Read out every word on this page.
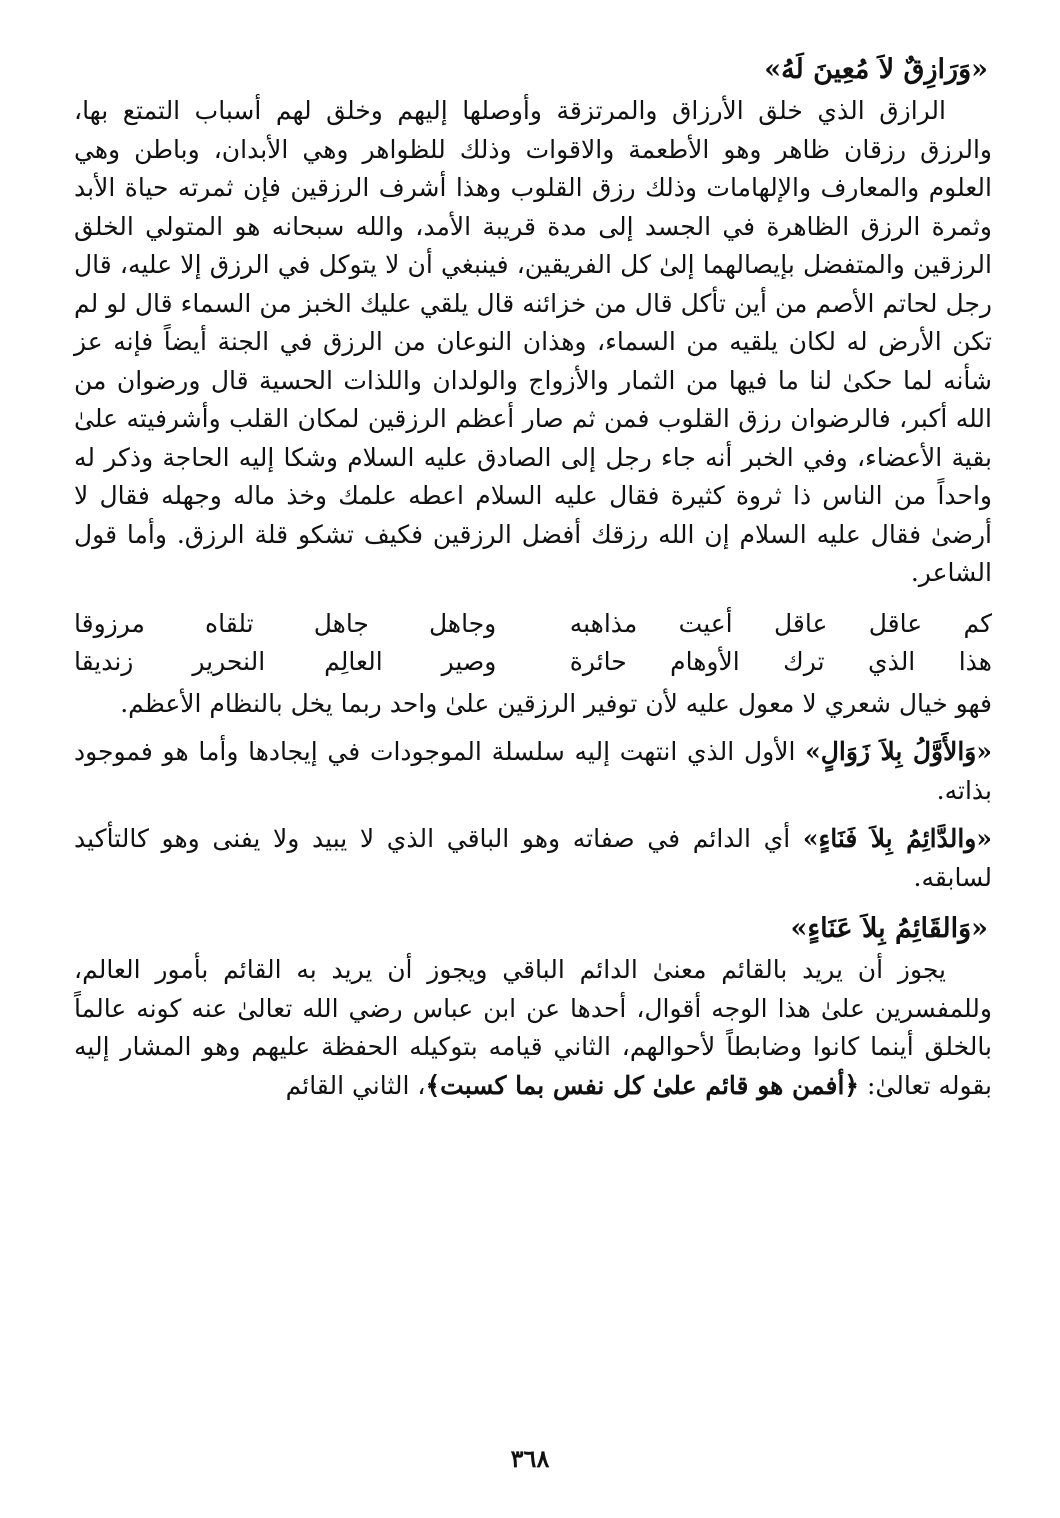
«وَرَازِقٌ لاَ مُعِينَ لَهُ»

الرازق الذي خلق الأرزاق والمرتزقة وأوصلها إليهم وخلق لهم أسباب التمتع بها، والرزق رزقان ظاهر وهو الأطعمة والاقوات وذلك للظواهر وهي الأبدان، وباطن وهي العلوم والمعارف والإلهامات وذلك رزق القلوب وهذا أشرف الرزقين فإن ثمرته حياة الأبد وثمرة الرزق الظاهرة في الجسد إلى مدة قريبة الأمد، والله سبحانه هو المتولي الخلق الرزقين والمتفضل بإيصالهما إلىٰ كل الفريقين، فينبغي أن لا يتوكل في الرزق إلا عليه، قال رجل لحاتم الأصم من أين تأكل قال من خزائنه قال يلقي عليك الخبز من السماء قال لو لم تكن الأرض له لكان يلقيه من السماء، وهذان النوعان من الرزق في الجنة أيضاً فإنه عز شأنه لما حكىٰ لنا ما فيها من الثمار والأزواج والولدان واللذات الحسية قال ورضوان من الله أكبر، فالرضوان رزق القلوب فمن ثم صار أعظم الرزقين لمكان القلب وأشرفيته علىٰ بقية الأعضاء، وفي الخبر أنه جاء رجل إلى الصادق عليه السلام وشكا إليه الحاجة وذكر له واحداً من الناس ذا ثروة كثيرة فقال عليه السلام اعطه علمك وخذ ماله وجهله فقال لا أرضىٰ فقال عليه السلام إن الله رزقك أفضل الرزقين فكيف تشكو قلة الرزق. وأما قول الشاعر.

كم عاقل عاقل أعيت مذاهبه
وجاهل جاهل تلقاه مرزوقا
هذا الذي ترك الأوهام حائرة
وصير العالِم النحرير زنديقا

فهو خيال شعري لا معول عليه لأن توفير الرزقين علىٰ واحد ربما يخل بالنظام الأعظم.

«وَالأَوَّلُ بِلاَ زَوَالٍ» الأول الذي انتهت إليه سلسلة الموجودات في إيجادها وأما هو فموجود بذاته.

«والدَّائِمُ بِلاَ فَنَاءٍ» أي الدائم في صفاته وهو الباقي الذي لا يبيد ولا يفنى وهو كالتأكيد لسابقه.

«وَالقَائِمُ بِلاَ عَنَاءٍ»

يجوز أن يريد بالقائم معنىٰ الدائم الباقي ويجوز أن يريد به القائم بأمور العالم، وللمفسرين علىٰ هذا الوجه أقوال، أحدها عن ابن عباس رضي الله تعالىٰ عنه كونه عالماً بالخلق أينما كانوا وضابطاً لأحوالهم، الثاني قيامه بتوكيله الحفظة عليهم وهو المشار إليه بقوله تعالىٰ: ﴿أفمن هو قائم علىٰ كل نفس بما كسبت﴾، الثاني القائم

٣٦٨
